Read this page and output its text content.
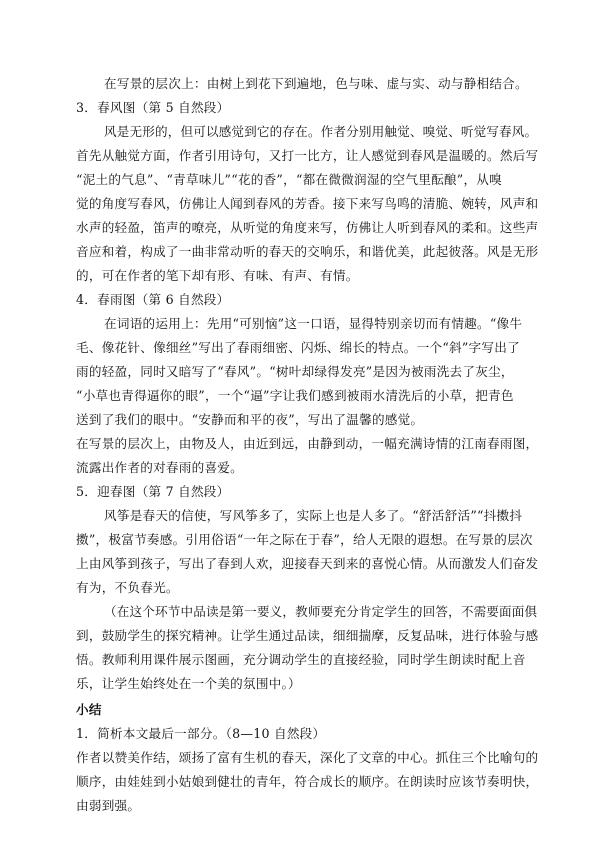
在写景的层次上：由树上到花下到遍地，色与味、虚与实、动与静相结合。
3．春风图（第 5 自然段）
风是无形的，但可以感觉到它的存在。作者分别用触觉、嗅觉、听觉写春风。
首先从触觉方面，作者引用诗句，又打一比方，让人感觉到春风是温暖的。然后写
“泥土的气息”、“青草味儿”“花的香”，“都在微微润湿的空气里酝酿”，从嗅
觉的角度写春风，仿佛让人闻到春风的芳香。接下来写鸟鸣的清脆、婉转，风声和
水声的轻盈，笛声的嘹亮，从听觉的角度来写，仿佛让人听到春风的柔和。这些声
音应和着，构成了一曲非常动听的春天的交响乐，和谐优美，此起彼落。风是无形
的，可在作者的笔下却有形、有味、有声、有情。
4．春雨图（第 6 自然段）
在词语的运用上：先用“可别恼”这一口语，显得特别亲切而有情趣。“像牛
毛、像花针、像细丝”写出了春雨细密、闪烁、绵长的特点。一个“斜”字写出了
雨的轻盈，同时又暗写了“春风”。“树叶却绿得发亮”是因为被雨洗去了灰尘，
“小草也青得逼你的眼”，一个“逼”字让我们感到被雨水清洗后的小草，把青色
送到了我们的眼中。“安静而和平的夜”，写出了温馨的感觉。
在写景的层次上，由物及人，由近到远，由静到动，一幅充满诗情的江南春雨图，
流露出作者的对春雨的喜爱。
5．迎春图（第 7 自然段）
风筝是春天的信使，写风筝多了，实际上也是人多了。“舒活舒活”“抖擞抖
擞”，极富节奏感。引用俗语“一年之际在于春”，给人无限的遐想。在写景的层次
上由风筝到孩子，写出了春到人欢，迎接春天到来的喜悦心情。从而激发人们奋发
有为，不负春光。
（在这个环节中品读是第一要义，教师要充分肯定学生的回答，不需要面面俱
到，鼓励学生的探究精神。让学生通过品读，细细揣摩，反复品味，进行体验与感
悟。教师利用课件展示图画，充分调动学生的直接经验，同时学生朗读时配上音
乐，让学生始终处在一个美的氛围中。）
小结
1．简析本文最后一部分。（8—10 自然段）
作者以赞美作结，颂扬了富有生机的春天，深化了文章的中心。抓住三个比喻句的
顺序，由娃娃到小姑娘到健壮的青年，符合成长的顺序。在朗读时应该节奏明快，
由弱到强。
